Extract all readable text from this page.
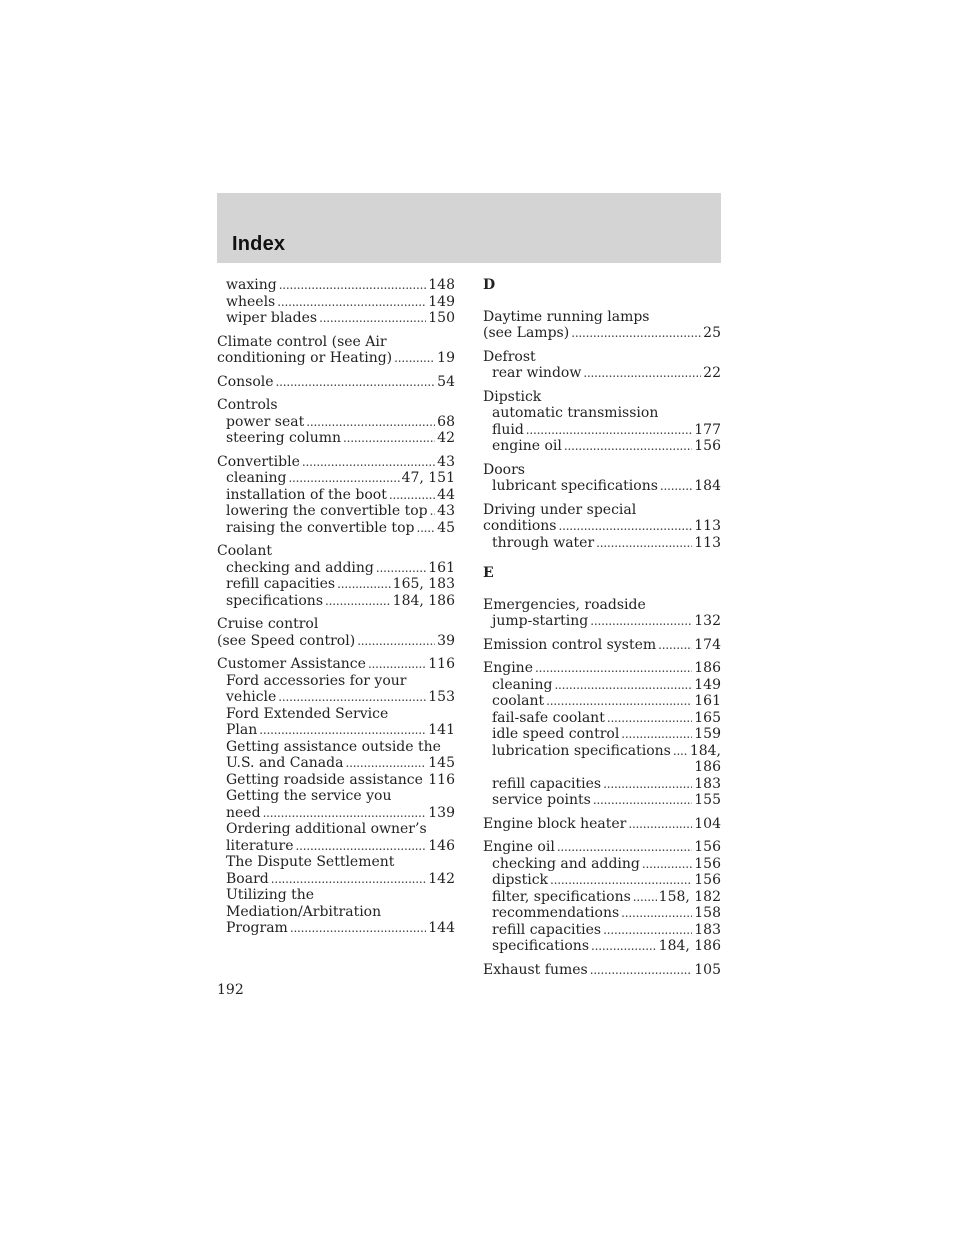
Index
waxing .....	148
wheels .....	149
wiper blades .....	150
Climate control (see Air
conditioning or Heating) .....	19
Console .....	54
Controls
power seat .....	68
steering column .....	42
Convertible .....	43
cleaning .....	47, 151
installation of the boot .....	44
lowering the convertible top ..... 43
raising the convertible top ..... 45
Coolant
checking and adding .....	161
refill capacities .....	165, 183
specifications .....	184, 186
Cruise control
(see Speed control) .....	39
Customer Assistance .....	116
Ford accessories for your
vehicle .....	153
Ford Extended Service
Plan .....	141
Getting assistance outside the
U.S. and Canada .....	145
Getting roadside assistance ..... 116
Getting the service you
need .....	139
Ordering additional owner’s
literature .....	146
The Dispute Settlement
Board .....	142
Utilizing the
Mediation/Arbitration
Program .....	144
D
Daytime running lamps
(see Lamps) .....	25
Defrost
rear window .....	22
Dipstick
automatic transmission
fluid .....	177
engine oil .....	156
Doors
lubricant specifications .....	184
Driving under special
conditions .....	113
through water .....	113
E
Emergencies, roadside
jump-starting .....	132
Emission control system .....	174
Engine .....	186
cleaning .....	149
coolant .....	161
fail-safe coolant .....	165
idle speed control .....	159
lubrication specifications ..... 184,
186
refill capacities .....	183
service points .....	155
Engine block heater .....	104
Engine oil .....	156
checking and adding .....	156
dipstick .....	156
filter, specifications ..... 158, 182
recommendations .....	158
refill capacities .....	183
specifications .....	184, 186
Exhaust fumes .....	105
192
